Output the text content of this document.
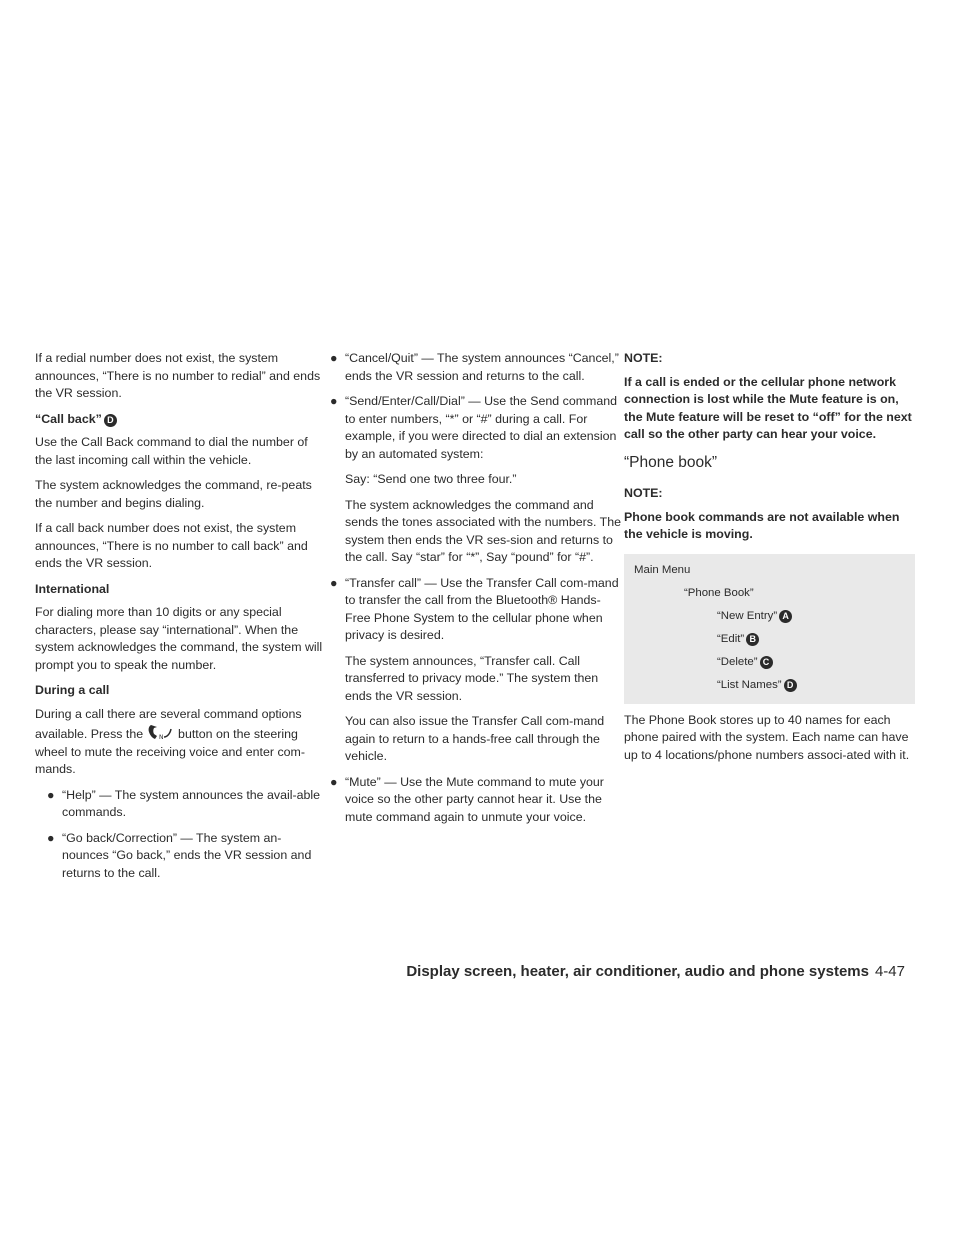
If a redial number does not exist, the system announces, “There is no number to redial” and ends the VR session.

“Call back” D

Use the Call Back command to dial the number of the last incoming call within the vehicle.

The system acknowledges the command, re-peats the number and begins dialing.

If a call back number does not exist, the system announces, “There is no number to call back” and ends the VR session.

International

For dialing more than 10 digits or any special characters, please say “international”. When the system acknowledges the command, the system will prompt you to speak the number.

During a call

During a call there are several command options available. Press the	N button on the steering wheel to mute the receiving voice and enter com-mands.

● “Help” — The system announces the avail-able commands.
● “Go back/Correction” — The system an-nounces “Go back,” ends the VR session and returns to the call.
● “Cancel/Quit” — The system announces “Cancel,” ends the VR session and returns to the call.
● “Send/Enter/Call/Dial” — Use the Send command to enter numbers, “*” or “#” during a call. For example, if you were directed to dial an extension by an automated system:

Say: “Send one two three four.”

The system acknowledges the command and sends the tones associated with the numbers. The system then ends the VR ses-sion and returns to the call. Say “star” for “*”, Say “pound” for “#”.

● “Transfer call” — Use the Transfer Call com-mand to transfer the call from the Bluetooth® Hands-Free Phone System to the cellular phone when privacy is desired.

The system announces, “Transfer call. Call transferred to privacy mode.” The system then ends the VR session.

You can also issue the Transfer Call com-mand again to return to a hands-free call through the vehicle.

● “Mute” — Use the Mute command to mute your voice so the other party cannot hear it. Use the mute command again to unmute your voice.

NOTE:

If a call is ended or the cellular phone network connection is lost while the Mute feature is on, the Mute feature will be reset to “off” for the next call so the other party can hear your voice.

“Phone book”

NOTE:

Phone book commands are not available when the vehicle is moving.

Main Menu
“Phone Book”
“New Entry” A
“Edit” B
“Delete” C
“List Names” D

The Phone Book stores up to 40 names for each phone paired with the system. Each name can have up to 4 locations/phone numbers associ-ated with it.

Display screen, heater, air conditioner, audio and phone systems 4-47
